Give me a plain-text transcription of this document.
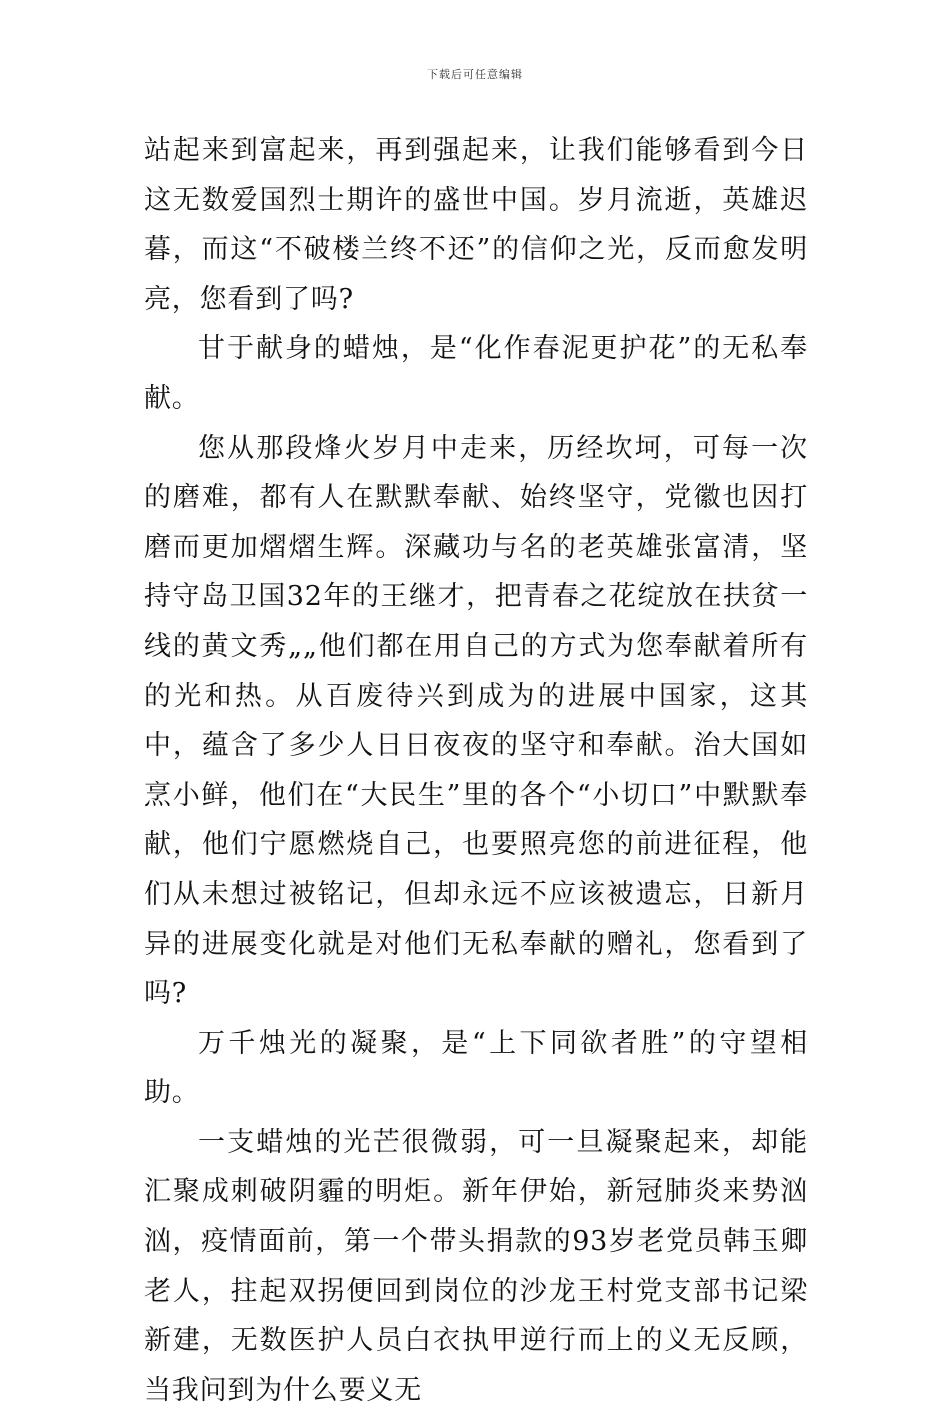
下载后可任意编辑

站起来到富起来，再到强起来，让我们能够看到今日这无数爱国烈士期许的盛世中国。岁月流逝，英雄迟暮，而这“不破楼兰终不还”的信仰之光，反而愈发明亮，您看到了吗?

甘于献身的蜡烛，是“化作春泥更护花”的无私奉献。

您从那段烽火岁月中走来，历经坎坷，可每一次的磨难，都有人在默默奉献、始终坚守，党徽也因打磨而更加熠熠生辉。深藏功与名的老英雄张富清，坚持守岛卫国32年的王继才，把青春之花绽放在扶贫一线的黄文秀„„他们都在用自己的方式为您奉献着所有的光和热。从百废待兴到成为的进展中国家，这其中，蕴含了多少人日日夜夜的坚守和奉献。治大国如烹小鲜，他们在“大民生”里的各个“小切口”中默默奉献，他们宁愿燃烧自己，也要照亮您的前进征程，他们从未想过被铭记，但却永远不应该被遗忘，日新月异的进展变化就是对他们无私奉献的赠礼，您看到了吗?

万千烛光的凝聚，是“上下同欲者胜”的守望相助。

一支蜡烛的光芒很微弱，可一旦凝聚起来，却能汇聚成刺破阴霾的明炬。新年伊始，新冠肺炎来势汹汹，疫情面前，第一个带头捐款的93岁老党员韩玉卿老人，拄起双拐便回到岗位的沙龙王村党支部书记梁新建，无数医护人员白衣执甲逆行而上的义无反顾，当我问到为什么要义无
